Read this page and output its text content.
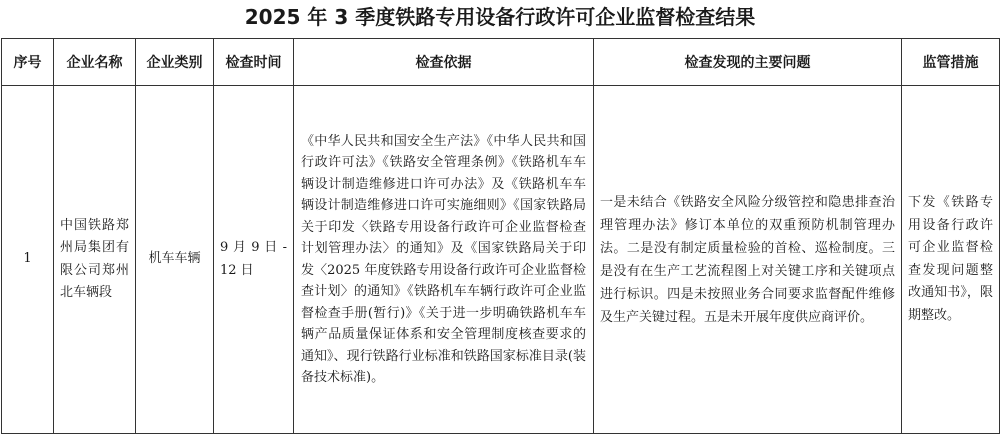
2025 年 3 季度铁路专用设备行政许可企业监督检查结果
序号	企业名称	企业类别	检查时间	检查依据	检查发现的主要问题	监管措施
1	中国铁路郑州局集团有限公司郑州北车辆段	机车车辆	9 月 9 日 -12 日	《中华人民共和国安全生产法》《中华人民共和国行政许可法》《铁路安全管理条例》《铁路机车车辆设计制造维修进口许可办法》及《铁路机车车辆设计制造维修进口许可实施细则》《国家铁路局关于印发〈铁路专用设备行政许可企业监督检查计划管理办法〉的通知》及《国家铁路局关于印发〈2025 年度铁路专用设备行政许可企业监督检查计划〉的通知》《铁路机车车辆行政许可企业监督检查手册(暂行)》《关于进一步明确铁路机车车辆产品质量保证体系和安全管理制度核查要求的通知》、现行铁路行业标准和铁路国家标准目录(装备技术标准)。	一是未结合《铁路安全风险分级管控和隐患排查治理管理办法》修订本单位的双重预防机制管理办法。二是没有制定质量检验的首检、巡检制度。三是没有在生产工艺流程图上对关键工序和关键项点进行标识。四是未按照业务合同要求监督配件维修及生产关键过程。五是未开展年度供应商评价。	下发《铁路专用设备行政许可企业监督检查发现问题整改通知书》，限期整改。
